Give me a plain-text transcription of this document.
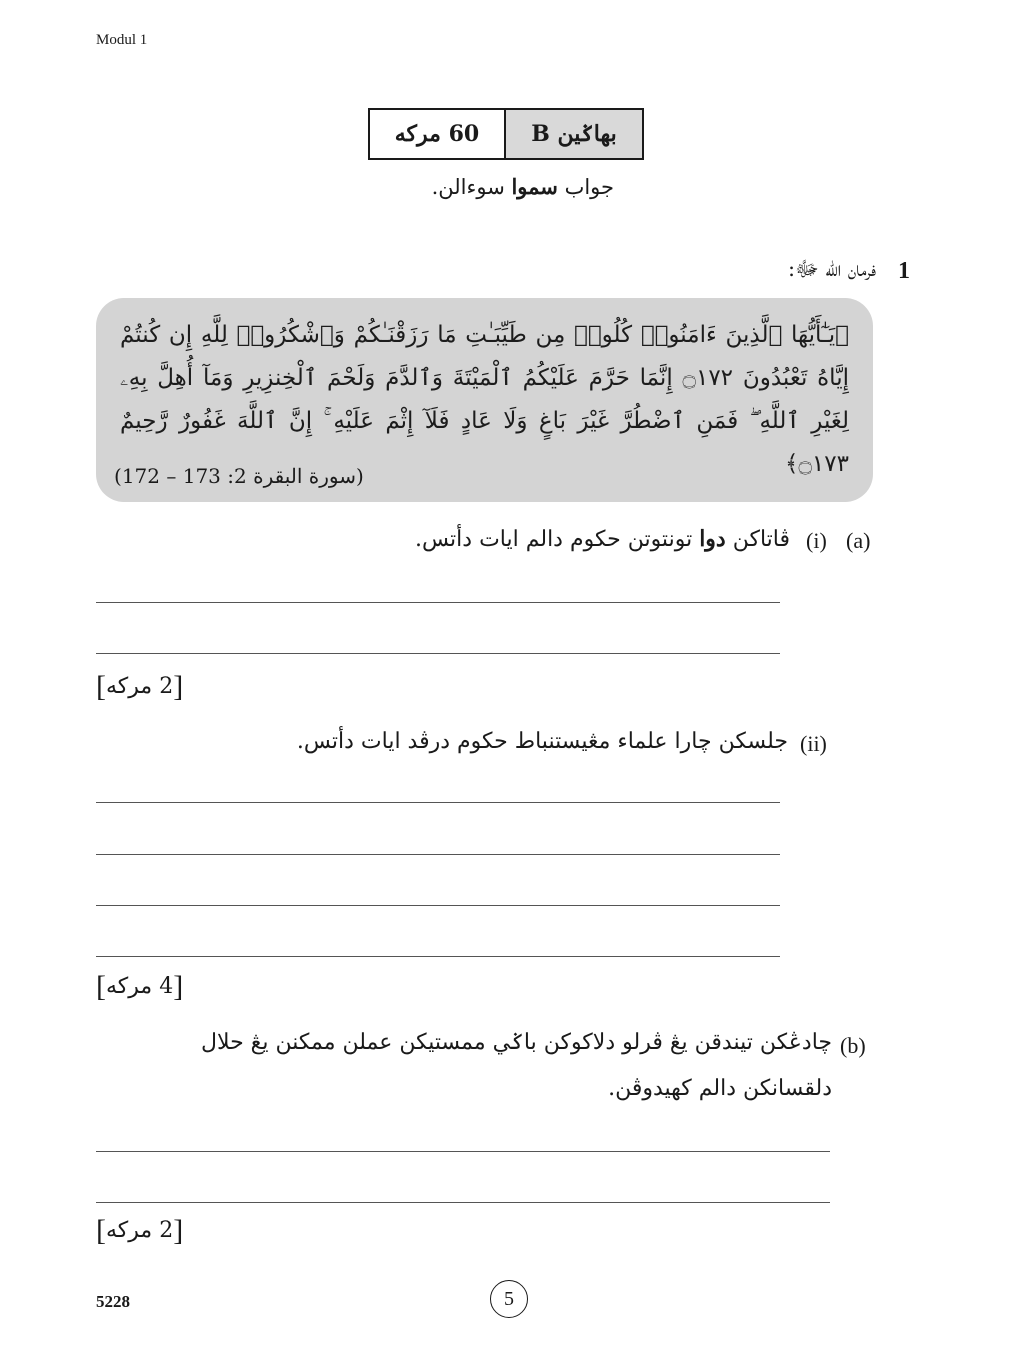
Modul 1
60 مركه	بهاݢين B
جواب سموا سوءالن.
1
فرمان الله ﷻ:
﴿يَـٰٓأَيُّهَا ٱلَّذِينَ ءَامَنُوا۟ كُلُوا۟ مِن طَيِّبَـٰتِ مَا رَزَقْنَـٰكُمْ وَٱشْكُرُوا۟ لِلَّهِ إِن كُنتُمْ إِيَّاهُ تَعْبُدُونَ ۝١٧٢ إِنَّمَا حَرَّمَ عَلَيْكُمُ ٱلْمَيْتَةَ وَٱلدَّمَ وَلَحْمَ ٱلْخِنزِيرِ وَمَآ أُهِلَّ بِهِۦ لِغَيْرِ ٱللَّهِ ۖ فَمَنِ ٱضْطُرَّ غَيْرَ بَاغٍ وَلَا عَادٍ فَلَآ إِثْمَ عَلَيْهِ ۚ إِنَّ ٱللَّهَ غَفُورٌ رَّحِيمٌ ۝١٧٣﴾
(سورة البقرة 2: 173 – 172)
(a)
(i)
ڤاتاکن دوا تونتوتن حکوم دالم ايات دأتس.
[2 مرکه]
(ii)
جلسكن چارا علماء مڠيستنباط حکوم درڤد ايات دأتس.
[4 مرکه]
(b)
چادڠکن تيندقن يڠ ڤرلو دلاکوکن باݢي ممستيکن عملن ممکنن يڠ حلال
دلقسانکن دالم کهيدوڤن.
[2 مرکه]
5228	5
